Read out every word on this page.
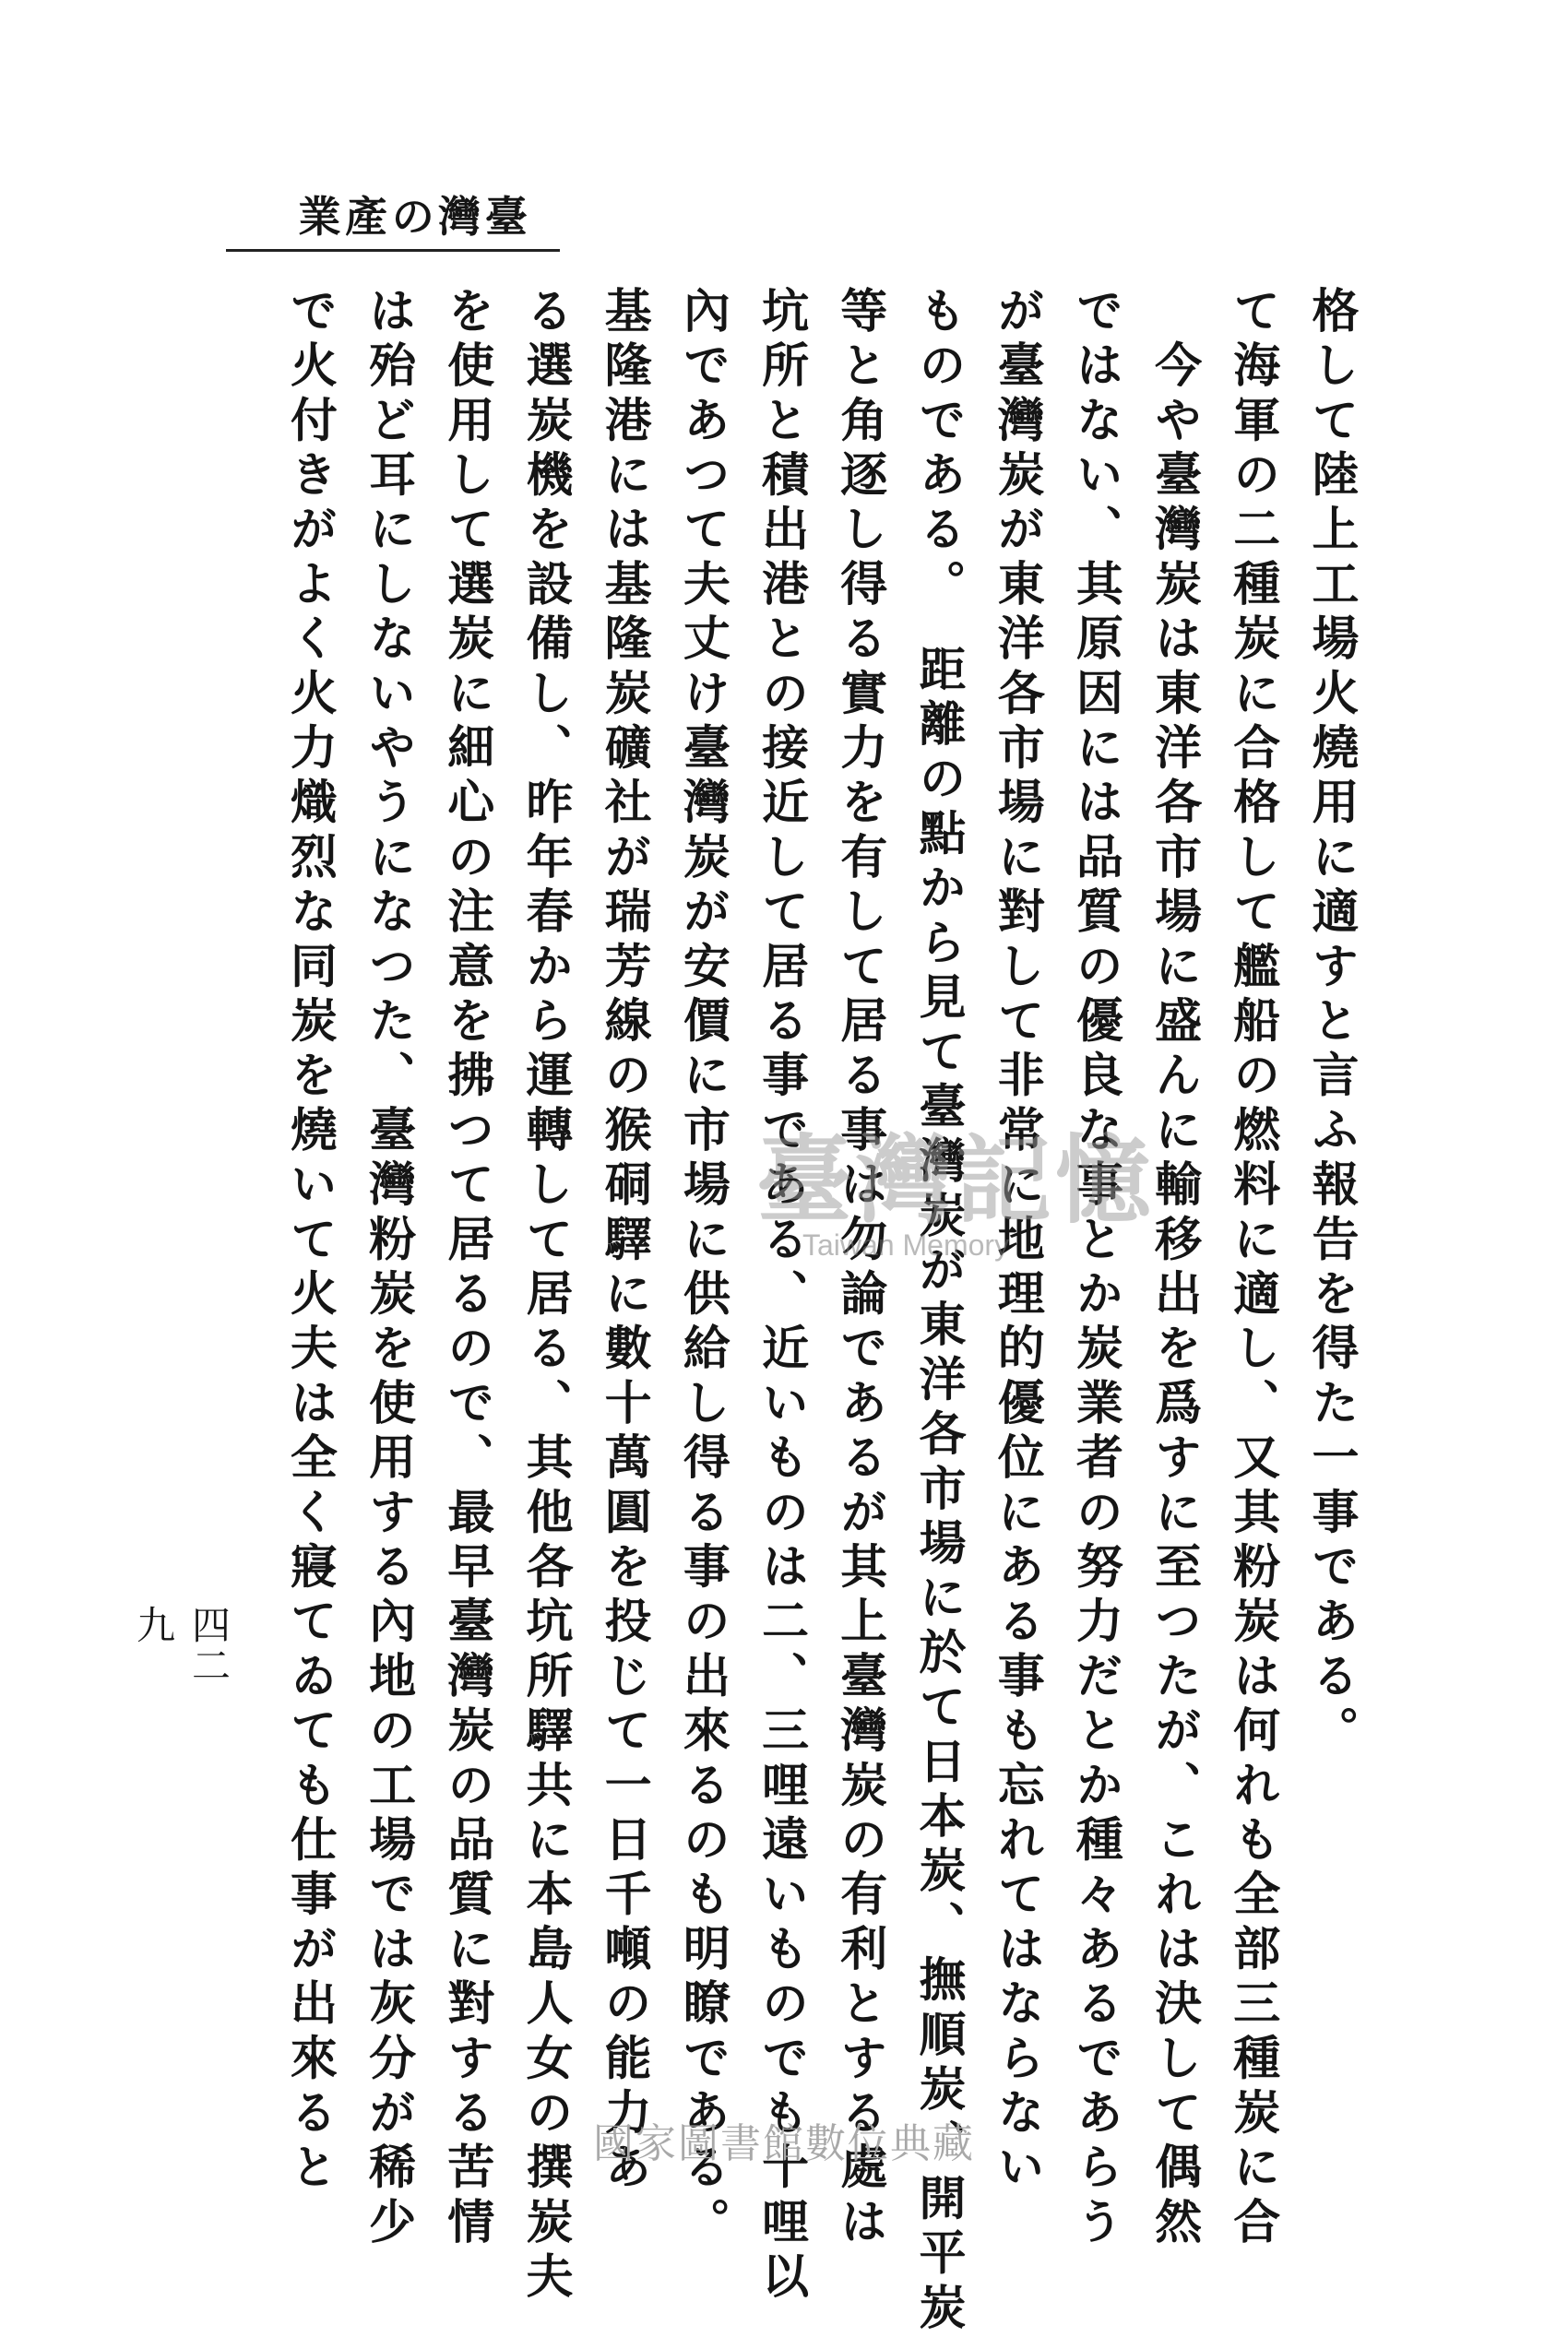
臺灣の產業
格して陸上工場火燒用に適すと言ふ報告を得た一事である。
て海軍の二種炭に合格して艦船の燃料に適し、又其粉炭は何れも全部三種炭に合
　今や臺灣炭は東洋各市場に盛んに輸移出を爲すに至つたが、これは決して偶然
ではない、其原因には品質の優良な事とか炭業者の努力だとか種々あるであらう
が臺灣炭が東洋各市場に對して非常に地理的優位にある事も忘れてはならない
ものである。　距離の點から見て臺灣炭が東洋各市場に於て日本炭、撫順炭、開平炭
等と角逐し得る實力を有して居る事は勿論であるが其上臺灣炭の有利とする處は
坑所と積出港との接近して居る事である、近いものは二、三哩遠いものでも十哩以
內であつて夫丈け臺灣炭が安價に市場に供給し得る事の出來るのも明瞭である。
基隆港には基隆炭礦社が瑞芳線の猴硐驛に數十萬圓を投じて一日千噸の能力あ
る選炭機を設備し、昨年春から運轉して居る、其他各坑所驛共に本島人女の撰炭夫
を使用して選炭に細心の注意を拂つて居るので、最早臺灣炭の品質に對する苦情
は殆ど耳にしないやうになつた、臺灣粉炭を使用する內地の工場では灰分が稀少
で火付きがよく火力熾烈な同炭を燒いて火夫は全く寢てゐても仕事が出來ると
四二九
臺灣記憶
Taiwan Memory
國家圖書館數位典藏
